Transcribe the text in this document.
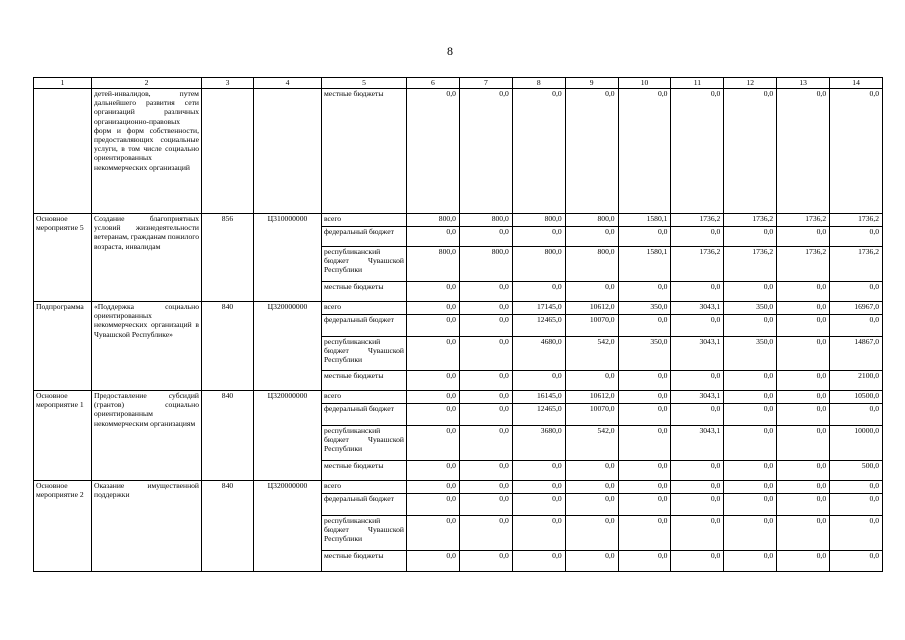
8
1	2	3	4	5	6	7	8	9	10	11	12	13	14
	детей-инвалидов, путем дальнейшего развития сети организаций различных организационно-правовых форм и форм собственности, предоставляющих социальные услуги, в том числе социально ориентированных некоммерческих организаций			местные бюджеты	0,0	0,0	0,0	0,0	0,0	0,0	0,0	0,0	0,0
Основное мероприятие 5	Создание благоприятных условий жизнедеятельности ветеранам, гражданам пожилого возраста, инвалидам	856	Ц310000000	всего	800,0	800,0	800,0	800,0	1580,1	1736,2	1736,2	1736,2	1736,2
				федеральный бюджет	0,0	0,0	0,0	0,0	0,0	0,0	0,0	0,0	0,0
				республиканский бюджет Чувашской Республики	800,0	800,0	800,0	800,0	1580,1	1736,2	1736,2	1736,2	1736,2
				местные бюджеты	0,0	0,0	0,0	0,0	0,0	0,0	0,0	0,0	0,0
Подпрограмма	«Поддержка социально ориентированных некоммерческих организаций в Чувашской Республике»	840	Ц320000000	всего	0,0	0,0	17145,0	10612,0	350,0	3043,1	350,0	0,0	16967,0
				федеральный бюджет	0,0	0,0	12465,0	10070,0	0,0	0,0	0,0	0,0	0,0
				республиканский бюджет Чувашской Республики	0,0	0,0	4680,0	542,0	350,0	3043,1	350,0	0,0	14867,0
				местные бюджеты	0,0	0,0	0,0	0,0	0,0	0,0	0,0	0,0	2100,0
Основное мероприятие 1	Предоставление субсидий (грантов) социально ориентированным некоммерческим организациям	840	Ц320000000	всего	0,0	0,0	16145,0	10612,0	0,0	3043,1	0,0	0,0	10500,0
				федеральный бюджет	0,0	0,0	12465,0	10070,0	0,0	0,0	0,0	0,0	0,0
				республиканский бюджет Чувашской Республики	0,0	0,0	3680,0	542,0	0,0	3043,1	0,0	0,0	10000,0
				местные бюджеты	0,0	0,0	0,0	0,0	0,0	0,0	0,0	0,0	500,0
Основное мероприятие 2	Оказание имущественной поддержки	840	Ц320000000	всего	0,0	0,0	0,0	0,0	0,0	0,0	0,0	0,0	0,0
				федеральный бюджет	0,0	0,0	0,0	0,0	0,0	0,0	0,0	0,0	0,0
				республиканский бюджет Чувашской Республики	0,0	0,0	0,0	0,0	0,0	0,0	0,0	0,0	0,0
				местные бюджеты	0,0	0,0	0,0	0,0	0,0	0,0	0,0	0,0	0,0
